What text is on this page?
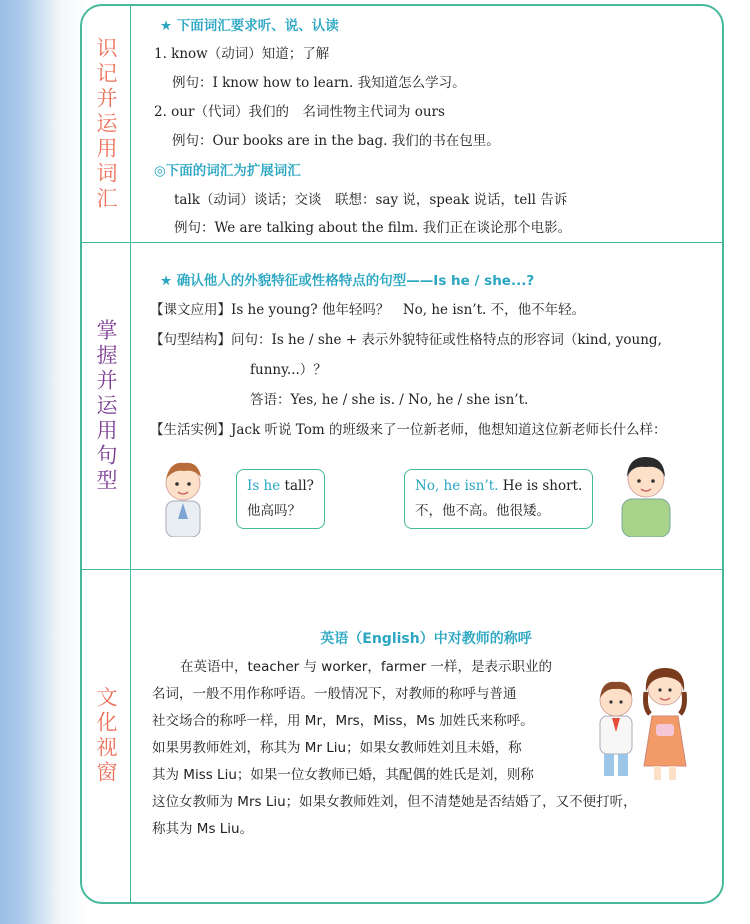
识记并运用词汇
★ 下面词汇要求听、说、认读
1. know（动词）知道；了解
例句：I know how to learn. 我知道怎么学习。
2. our（代词）我们的　名词性物主代词为 ours
例句：Our books are in the bag. 我们的书在包里。
◎下面的词汇为扩展词汇
talk（动词）谈话；交谈　联想：say 说，speak 说话，tell 告诉
例句：We are talking about the film. 我们正在谈论那个电影。
掌握并运用句型
★ 确认他人的外貌特征或性格特点的句型——Is he / she...?
【课文应用】Is he young? 他年轻吗？　No, he isn’t. 不，他不年轻。
【句型结构】问句：Is he / she + 表示外貌特征或性格特点的形容词（kind, young,
funny...）？
答语：Yes, he / she is. / No, he / she isn’t.
【生活实例】Jack 听说 Tom 的班级来了一位新老师，他想知道这位新老师长什么样：
Is he tall?
他高吗？
No, he isn’t. He is short.
不，他不高。他很矮。
文化视窗
英语（English）中对教师的称呼
在英语中，teacher 与 worker，farmer 一样，是表示职业的
名词，一般不用作称呼语。一般情况下，对教师的称呼与普通
社交场合的称呼一样，用 Mr，Mrs，Miss，Ms 加姓氏来称呼。
如果男教师姓刘，称其为 Mr Liu；如果女教师姓刘且未婚，称
其为 Miss Liu；如果一位女教师已婚，其配偶的姓氏是刘，则称
这位女教师为 Mrs Liu；如果女教师姓刘，但不清楚她是否结婚了，又不便打听，
称其为 Ms Liu。
